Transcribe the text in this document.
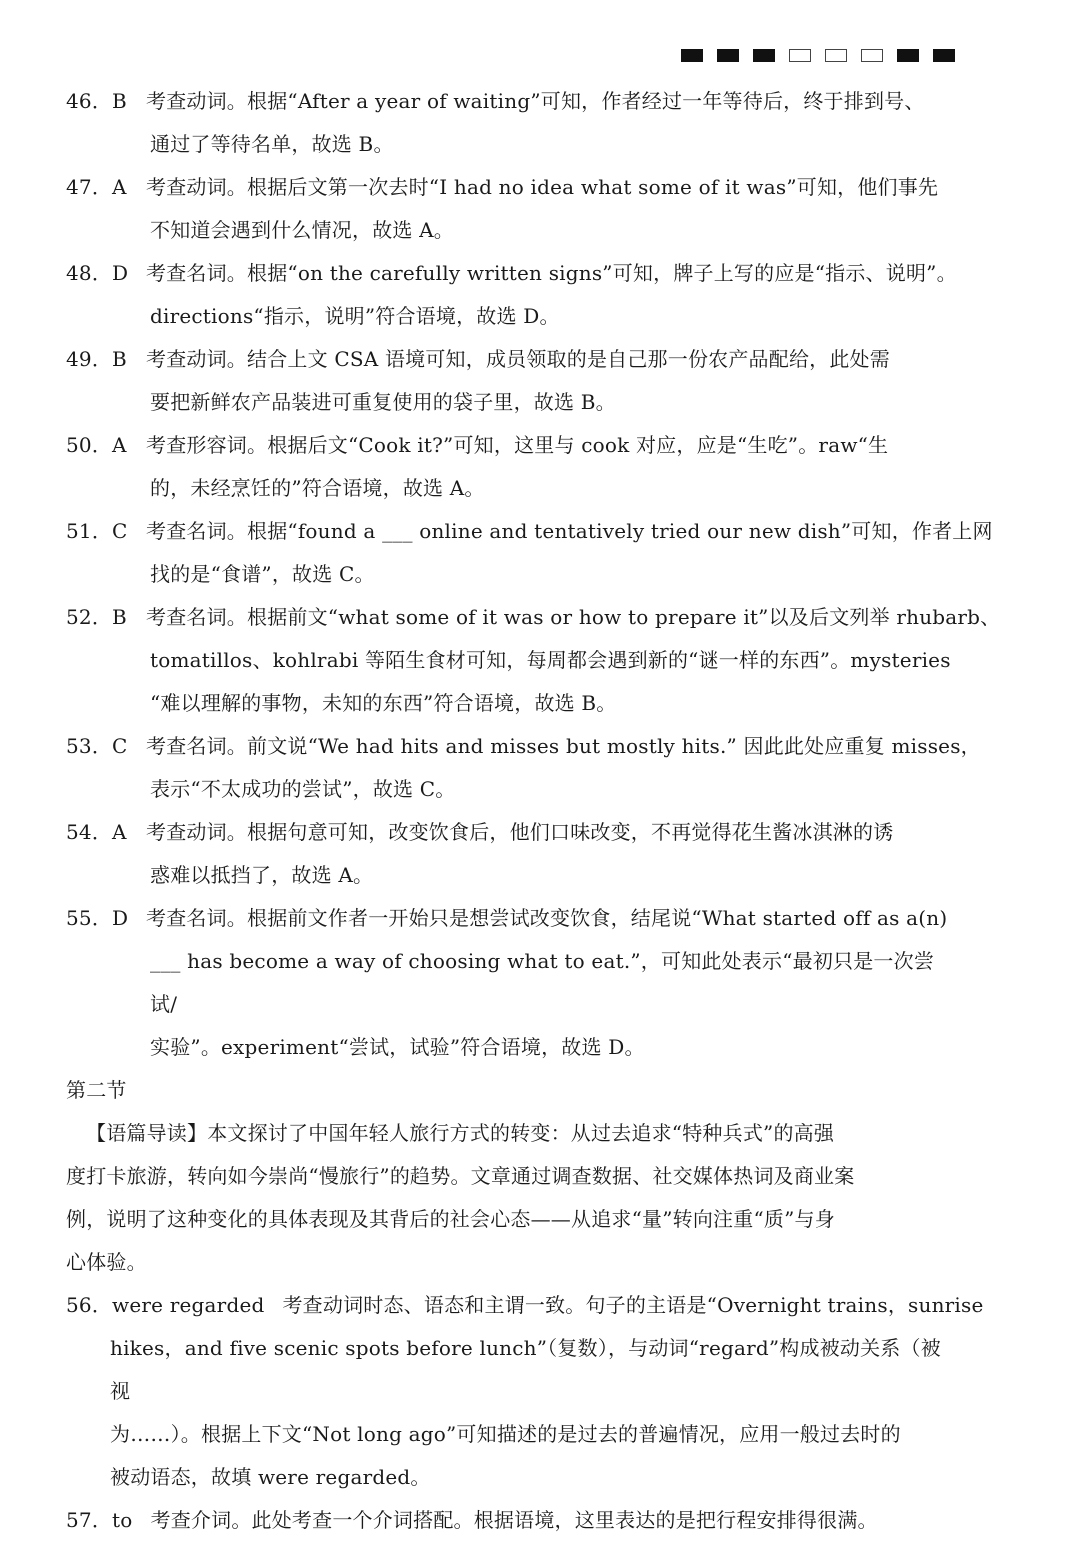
46．B 考查动词。根据“After a year of waiting”可知，作者经过一年等待后，终于排到号、
通过了等待名单，故选 B。
47．A 考查动词。根据后文第一次去时“I had no idea what some of it was”可知，他们事先
不知道会遇到什么情况，故选 A。
48．D 考查名词。根据“on the carefully written signs”可知，牌子上写的应是“指示、说明”。
directions“指示，说明”符合语境，故选 D。
49．B 考查动词。结合上文 CSA 语境可知，成员领取的是自己那一份农产品配给，此处需
要把新鲜农产品装进可重复使用的袋子里，故选 B。
50．A 考查形容词。根据后文“Cook it?”可知，这里与 cook 对应，应是“生吃”。raw“生
的，未经烹饪的”符合语境，故选 A。
51．C 考查名词。根据“found a ___ online and tentatively tried our new dish”可知，作者上网
找的是“食谱”，故选 C。
52．B 考查名词。根据前文“what some of it was or how to prepare it”以及后文列举 rhubarb、
tomatillos、kohlrabi 等陌生食材可知，每周都会遇到新的“谜一样的东西”。mysteries
“难以理解的事物，未知的东西”符合语境，故选 B。
53．C 考查名词。前文说“We had hits and misses but mostly hits.” 因此此处应重复 misses，
表示“不太成功的尝试”，故选 C。
54．A 考查动词。根据句意可知，改变饮食后，他们口味改变，不再觉得花生酱冰淇淋的诱
惑难以抵挡了，故选 A。
55．D 考查名词。根据前文作者一开始只是想尝试改变饮食，结尾说“What started off as a(n)
___ has become a way of choosing what to eat.”，可知此处表示“最初只是一次尝试/
实验”。experiment“尝试，试验”符合语境，故选 D。
第二节
【语篇导读】本文探讨了中国年轻人旅行方式的转变：从过去追求“特种兵式”的高强
度打卡旅游，转向如今崇尚“慢旅行”的趋势。文章通过调查数据、社交媒体热词及商业案
例，说明了这种变化的具体表现及其背后的社会心态——从追求“量”转向注重“质”与身
心体验。
56．were regarded 考查动词时态、语态和主谓一致。句子的主语是“Overnight trains，sunrise
hikes，and five scenic spots before lunch”（复数），与动词“regard”构成被动关系（被视
为……）。根据上下文“Not long ago”可知描述的是过去的普遍情况，应用一般过去时的
被动语态，故填 were regarded。
57．to 考查介词。此处考查一个介词搭配。根据语境，这里表达的是把行程安排得很满。
